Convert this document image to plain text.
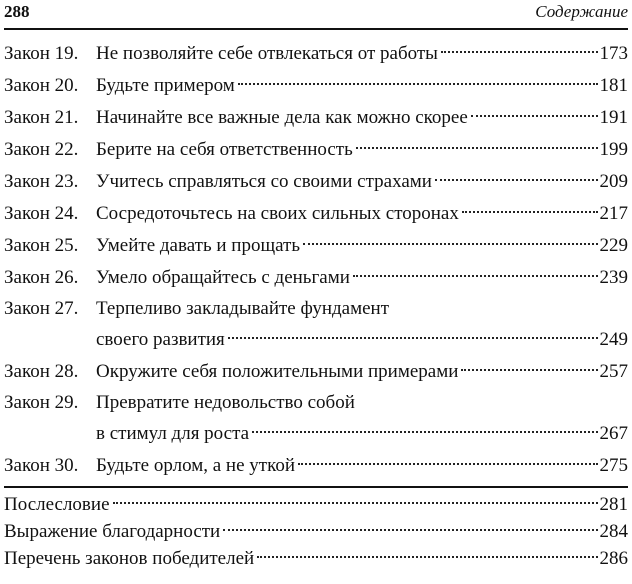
288	Содержание
Закон 19. Не позволяйте себе отвлекаться от работы	173
Закон 20. Будьте примером	181
Закон 21. Начинайте все важные дела как можно скорее	191
Закон 22. Берите на себя ответственность	199
Закон 23. Учитесь справляться со своими страхами	209
Закон 24. Сосредоточьтесь на своих сильных сторонах	217
Закон 25. Умейте давать и прощать	229
Закон 26. Умело обращайтесь с деньгами	239
Закон 27. Терпеливо закладывайте фундамент
своего развития	249
Закон 28. Окружите себя положительными примерами	257
Закон 29. Превратите недовольство собой
в стимул для роста	267
Закон 30. Будьте орлом, а не уткой	275
Послесловие	281
Выражение благодарности	284
Перечень законов победителей	286
